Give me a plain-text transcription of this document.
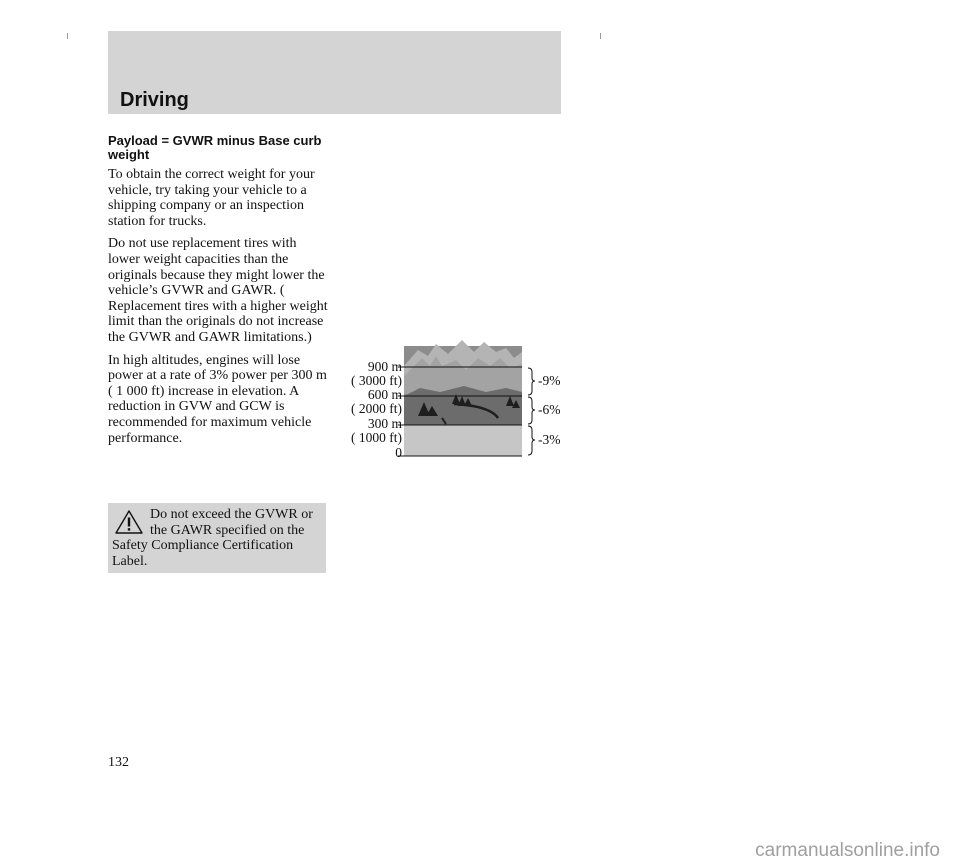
Driving
Payload = GVWR minus Base curb weight

To obtain the correct weight for your vehicle, try taking your vehicle to a shipping company or an inspection station for trucks.

Do not use replacement tires with lower weight capacities than the originals because they might lower the vehicle’s GVWR and GAWR. ( Replacement tires with a higher weight limit than the originals do not increase the GVWR and GAWR limitations.)

In high altitudes, engines will lose power at a rate of 3% power per 300 m ( 1 000 ft) increase in elevation. A reduction in GVW and GCW is recommended for maximum vehicle performance.

Do not exceed the GVWR or the GAWR specified on the Safety Compliance Certification Label.
900 m
( 3000 ft)
600 m
( 2000 ft)
300 m
( 1000 ft)
0
-9%
-6%
-3%
132
carmanualsonline.info
